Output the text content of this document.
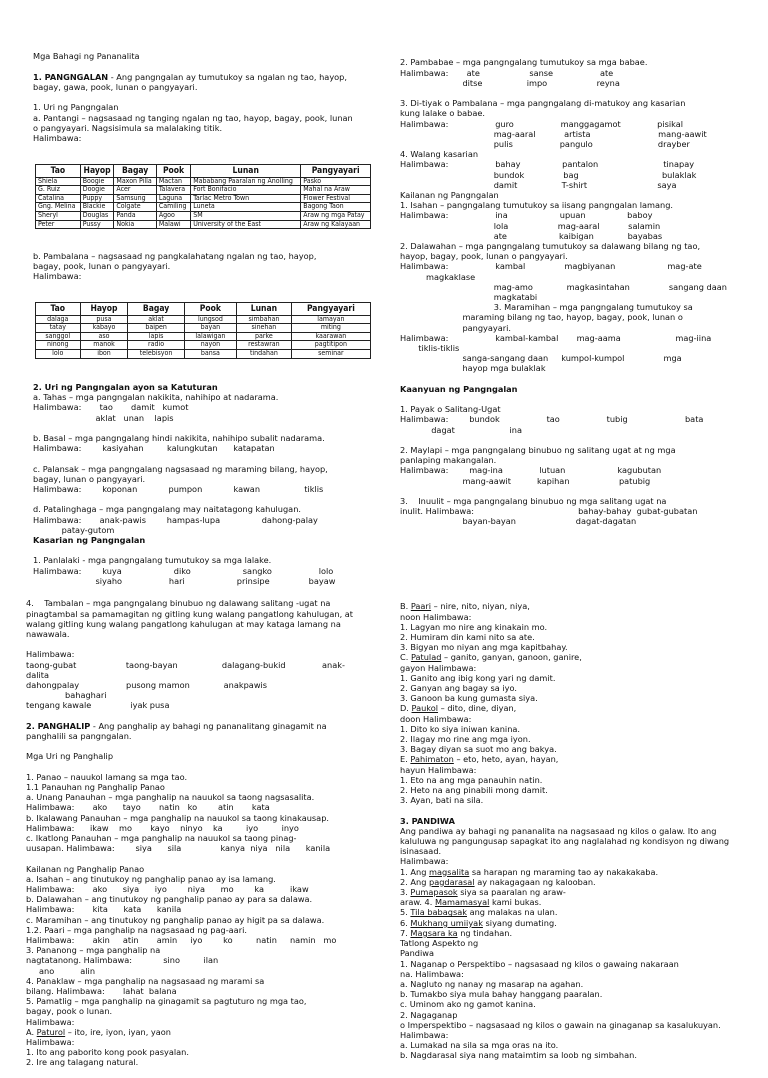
Mga Bahagi ng Pananalita
1. PANGNGALAN - Ang pangngalan ay tumutukoy sa ngalan ng tao, hayop,
bagay, gawa, pook, lunan o pangyayari.
1. Uri ng Pangngalan
a. Pantangi – nagsasaad ng tanging ngalan ng tao, hayop, bagay, pook, lunan
o pangyayari. Nagsisimula sa malalaking titik.
Halimbawa:

Tao	Hayop	Bagay	Pook	Lunan	Pangyayari
Shiela	Boogie	Maxon Pilla	Mactan	Mababang Paaralan ng Anolling	Pasko
G. Ruiz	Doogie	Acer	Talavera	Fort Bonifacio	Mahal na Araw
Catalina	Puppy	Samsung	Laguna	Tarlac Metro Town	Flower Festival
Gng. Melina	Blackie	Colgate	Camiling	Luneta	Bagong Taon
Sheryl	Douglas	Panda	Agoo	SM	Araw ng mga Patay
Peter	Pussy	Nokia	Malawi	University of the East	Araw ng Kalayaan

b. Pambalana – nagsasaad ng pangkalahatang ngalan ng tao, hayop,
bagay, pook, lunan o pangyayari.
Halimbawa:

Tao	Hayop	Bagay	Pook	Lunan	Pangyayari
dalaga	pusa	aklat	lungsod	simbahan	lamayan
tatay	kabayo	baipen	bayan	sinehan	miting
sanggol	aso	lapis	lalawigan	parke	kaarawan
ninong	manok	radio	nayon	restawran	pagtitipon
lolo	ibon	telebisyon	bansa	tindahan	seminar

2. Uri ng Pangngalan ayon sa Katuturan
a. Tahas – mga pangngalan nakikita, nahihipo at nadarama.
Halimbawa:       tao       damit   kumot
aklat   unan    lapis
b. Basal – mga pangngalang hindi nakikita, nahihipo subalit nadarama.
Halimbawa:        kasiyahan         kalungkutan      katapatan
c. Palansak – mga pangngalang nagsasaad ng maraming bilang, hayop,
bagay, lunan o pangyayari.
Halimbawa:        koponan            pumpon            kawan                 tiklis
d. Patalinghaga – mga pangngalang may naitatagong kahulugan.
Halimbawa:       anak-pawis        hampas-lupa                dahong-palay
patay-gutom
Kasarian ng Pangngalan
1. Panlalaki - mga pangngalang tumutukoy sa mga lalake.
Halimbawa:        kuya                    diko                    sangko                  lolo
siyaho                  hari                    prinsipe               bayaw

2. Pambabae – mga pangngalang tumutukoy sa mga babae.
Halimbawa:       ate                   sanse                  ate
ditse                 impo                   reyna
3. Di-tiyak o Pambalana – mga pangngalang di-matukoy ang kasarian
kung lalake o babae.
Halimbawa:                  guro                  manggagamot              pisikal
mag-aaral           artista                          mang-aawit
pulis                  pangulo                         drayber
4. Walang kasarian
Halimbawa:                  bahay                pantalon                         tinapay
bundok               bag                                bulaklak
damit                 T-shirt                           saya
Kailanan ng Pangngalan
1. Isahan – pangngalang tumutukoy sa iisang pangngalan lamang.
Halimbawa:                  ina                    upuan                baboy
lola                   mag-aaral           salamin
ate                    kaibigan             bayabas
2. Dalawahan – mga pangngalang tumutukoy sa dalawang bilang ng tao,
hayop, bagay, pook, lunan o pangyayari.
Halimbawa:                  kambal               magbiyanan                    mag-ate
magkaklase
mag-amo             magkasintahan               sangang daan
magkatabi
3. Maramihan – mga pangngalang tumutukoy sa
maraming bilang ng tao, hayop, bagay, pook, lunan o
pangyayari.
Halimbawa:                  kambal-kambal       mag-aama                     mag-iina
tiklis-tiklis
sanga-sangang daan     kumpol-kumpol               mga
hayop mga bulaklak
Kaanyuan ng Pangngalan
1. Payak o Salitang-Ugat
Halimbawa:        bundok                  tao                  tubig                      bata
dagat                     ina
2. Maylapi – mga pangngalang binubuo ng salitang ugat at ng mga
panlaping makangalan.
Halimbawa:        mag-ina              lutuan                    kagubutan
mang-aawit          kapihan                   patubig
3.    Inuulit – mga pangngalang binubuo ng mga salitang ugat na
inulit. Halimbawa:                                        bahay-bahay  gubat-gubatan
bayan-bayan                       dagat-dagatan

4.    Tambalan – mga pangngalang binubuo ng dalawang salitang -ugat na
pinagtambal sa pamamagitan ng gitling kung walang pangatlong kahulugan, at
walang gitling kung walang pangatlong kahulugan at may kataga lamang na
nawawala.
Halimbawa:
taong-gubat                   taong-bayan                 dalagang-bukid              anak-
dalita
dahongpalay                  pusong mamon             anakpawis
bahaghari
tengang kawale               iyak pusa
2. PANGHALIP - Ang panghalip ay bahagi ng pananalitang ginagamit na
panghalili sa pangngalan.
Mga Uri ng Panghalip
1. Panao – nauukol lamang sa mga tao.
1.1 Panauhan ng Panghalip Panao
a. Unang Panauhan – mga panghalip na nauukol sa taong nagsasalita.
Halimbawa:       ako      tayo       natin   ko        atin       kata
b. Ikalawang Panauhan – mga panghalip na nauukol sa taong kinakausap.
Halimbawa:      ikaw    mo       kayo    ninyo    ka         iyo         inyo
c. Ikatlong Panauhan – mga panghalip na nauukol sa taong pinag-
uusapan. Halimbawa:        siya      sila               kanya  niya   nila      kanila
Kailanan ng Panghalip Panao
a. Isahan – ang tinutukoy ng panghalip panao ay isa lamang.
Halimbawa:       ako      siya      iyo        niya      mo        ka          ikaw
b. Dalawahan – ang tinutukoy ng panghalip panao ay para sa dalawa.
Halimbawa:       kita      kata      kanila
c. Maramihan – ang tinutukoy ng panghalip panao ay higit pa sa dalawa.
1.2. Paari – mga panghalip na nagsasaad ng pag-aari.
Halimbawa:       akin     atin       amin     iyo        ko         natin     namin   mo
3. Pananong – mga panghalip na
nagtatanong. Halimbawa:            sino         ilan
ano          alin
4. Panaklaw – mga panghalip na nagsasaad ng marami sa
bilang. Halimbawa:       lahat  balana
5. Pamatlig – mga panghalip na ginagamit sa pagtuturo ng mga tao,
bagay, pook o lunan.
Halimbawa:
A. Paturol – ito, ire, iyon, iyan, yaon
Halimbawa:
1. Ito ang paborito kong pook pasyalan.
2. Ire ang talagang natural.

B. Paari – nire, nito, niyan, niya,
noon Halimbawa:
1. Lagyan mo nire ang kinakain mo.
2. Humiram din kami nito sa ate.
3. Bigyan mo niyan ang mga kapitbahay.
C. Patulad – ganito, ganyan, ganoon, ganire,
gayon Halimbawa:
1. Ganito ang ibig kong yari ng damit.
2. Ganyan ang bagay sa iyo.
3. Ganoon ba kung gumasta siya.
D. Paukol – dito, dine, diyan,
doon Halimbawa:
1. Dito ko siya iniwan kanina.
2. Ilagay mo rine ang mga iyon.
3. Bagay diyan sa suot mo ang bakya.
E. Pahimaton – eto, heto, ayan, hayan,
hayun Halimbawa:
1. Eto na ang mga panauhin natin.
2. Heto na ang pinabili mong damit.
3. Ayan, bati na sila.
3. PANDIWA
Ang pandiwa ay bahagi ng pananalita na nagsasaad ng kilos o galaw. Ito ang
kaluluwa ng pangungusap sapagkat ito ang naglalahad ng kondisyon ng diwang
isinasaad.
Halimbawa:
1. Ang magsalita sa harapan ng maraming tao ay nakakakaba.
2. Ang pagdarasal ay nakagagaan ng kalooban.
3. Pumapasok siya sa paaralan ng araw-
araw. 4. Mamamasyal kami bukas.
5. Tila babagsak ang malakas na ulan.
6. Mukhang umiiyak siyang dumating.
7. Magsara ka ng tindahan.
Tatlong Aspekto ng
Pandiwa
1. Naganap o Perspektibo – nagsasaad ng kilos o gawaing nakaraan
na. Halimbawa:
a. Nagluto ng nanay ng masarap na agahan.
b. Tumakbo siya mula bahay hanggang paaralan.
c. Uminom ako ng gamot kanina.
2. Nagaganap
o Imperspektibo – nagsasaad ng kilos o gawain na ginaganap sa kasalukuyan.
Halimbawa:
a. Lumakad na sila sa mga oras na ito.
b. Nagdarasal siya nang mataimtim sa loob ng simbahan.
